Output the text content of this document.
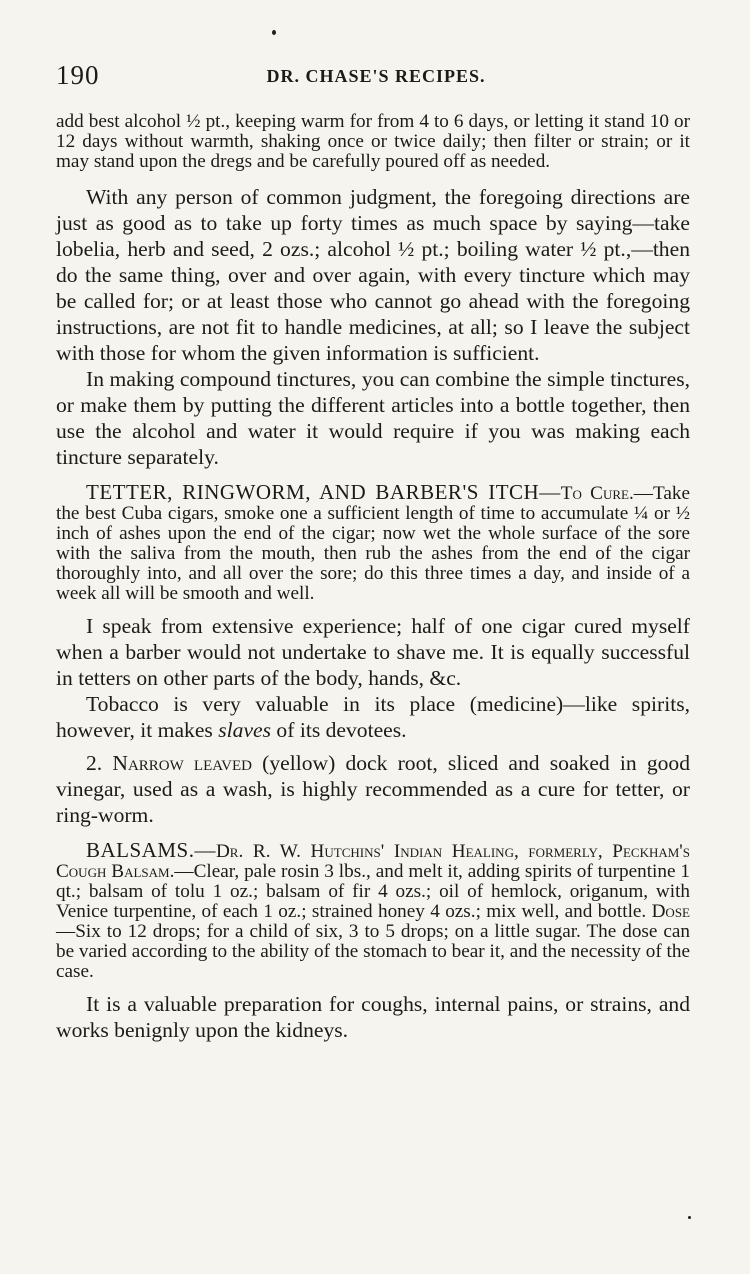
190	DR. CHASE'S RECIPES.

add best alcohol ½ pt., keeping warm for from 4 to 6 days, or letting it stand 10 or 12 days without warmth, shaking once or twice daily; then filter or strain; or it may stand upon the dregs and be carefully poured off as needed.

With any person of common judgment, the foregoing directions are just as good as to take up forty times as much space by saying—take lobelia, herb and seed, 2 ozs.; alcohol ½ pt.; boiling water ½ pt.,—then do the same thing, over and over again, with every tincture which may be called for; or at least those who cannot go ahead with the foregoing instructions, are not fit to handle medicines, at all; so I leave the subject with those for whom the given information is sufficient.

In making compound tinctures, you can combine the simple tinctures, or make them by putting the different articles into a bottle together, then use the alcohol and water it would require if you was making each tincture separately.

TETTER, RINGWORM, AND BARBER'S ITCH—To Cure.—Take the best Cuba cigars, smoke one a sufficient length of time to accumulate ¼ or ½ inch of ashes upon the end of the cigar; now wet the whole surface of the sore with the saliva from the mouth, then rub the ashes from the end of the cigar thoroughly into, and all over the sore; do this three times a day, and inside of a week all will be smooth and well.

I speak from extensive experience; half of one cigar cured myself when a barber would not undertake to shave me. It is equally successful in tetters on other parts of the body, hands, &c.

Tobacco is very valuable in its place (medicine)—like spirits, however, it makes slaves of its devotees.

2. Narrow leaved (yellow) dock root, sliced and soaked in good vinegar, used as a wash, is highly recommended as a cure for tetter, or ring-worm.

BALSAMS.—Dr. R. W. Hutchins' Indian Healing, formerly, Peckham's Cough Balsam.—Clear, pale rosin 3 lbs., and melt it, adding spirits of turpentine 1 qt.; balsam of tolu 1 oz.; balsam of fir 4 ozs.; oil of hemlock, origanum, with Venice turpentine, of each 1 oz.; strained honey 4 ozs.; mix well, and bottle. Dose—Six to 12 drops; for a child of six, 3 to 5 drops; on a little sugar. The dose can be varied according to the ability of the stomach to bear it, and the necessity of the case.

It is a valuable preparation for coughs, internal pains, or strains, and works benignly upon the kidneys.
